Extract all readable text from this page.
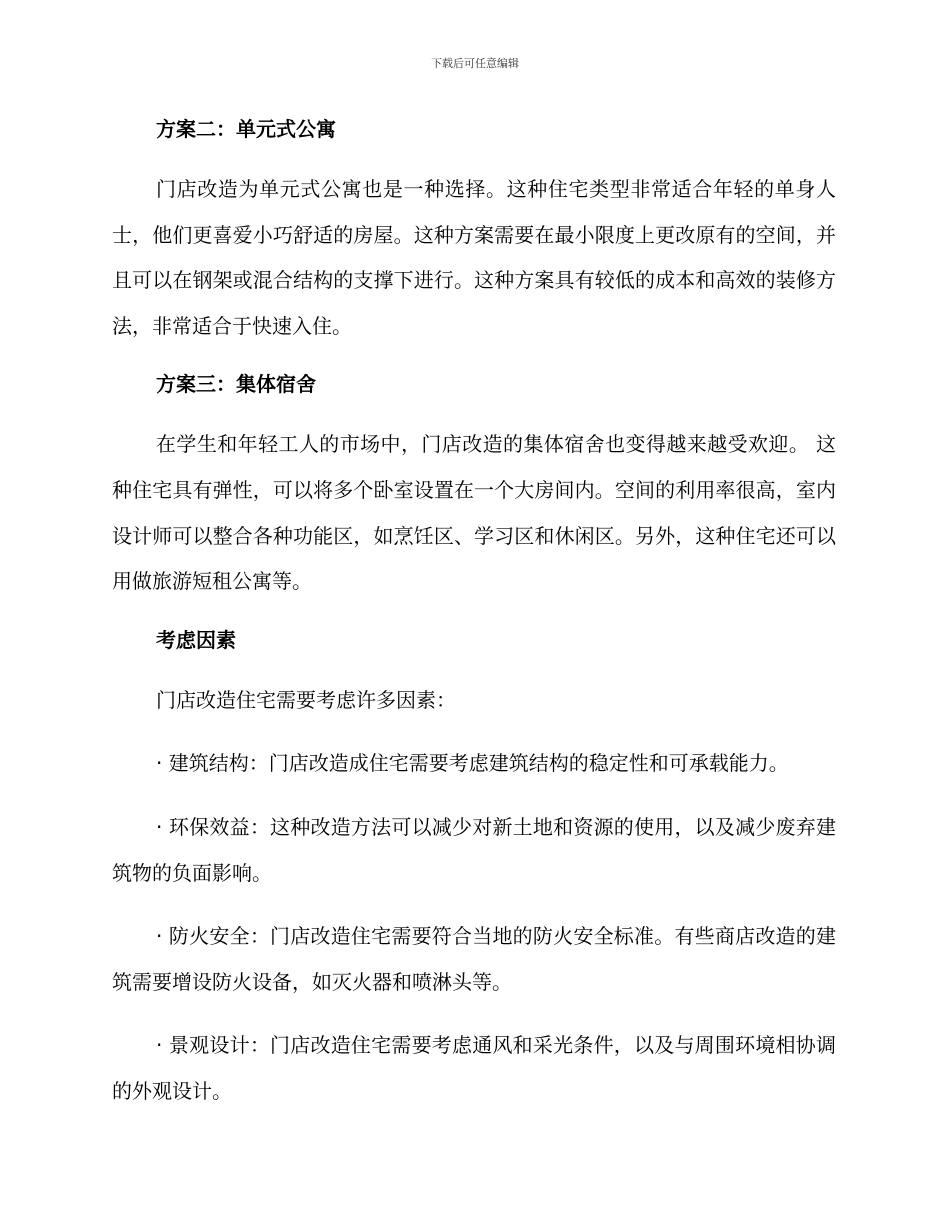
下载后可任意编辑
方案二：单元式公寓

门店改造为单元式公寓也是一种选择。这种住宅类型非常适合年轻的单身人士，他们更喜爱小巧舒适的房屋。这种方案需要在最小限度上更改原有的空间，并且可以在钢架或混合结构的支撑下进行。这种方案具有较低的成本和高效的装修方法，非常适合于快速入住。

方案三：集体宿舍

在学生和年轻工人的市场中，门店改造的集体宿舍也变得越来越受欢迎。 这种住宅具有弹性，可以将多个卧室设置在一个大房间内。空间的利用率很高，室内设计师可以整合各种功能区，如烹饪区、学习区和休闲区。另外，这种住宅还可以用做旅游短租公寓等。

考虑因素

门店改造住宅需要考虑许多因素：

· 建筑结构：门店改造成住宅需要考虑建筑结构的稳定性和可承载能力。

· 环保效益：这种改造方法可以减少对新土地和资源的使用，以及减少废弃建筑物的负面影响。

· 防火安全：门店改造住宅需要符合当地的防火安全标准。有些商店改造的建筑需要增设防火设备，如灭火器和喷淋头等。

· 景观设计：门店改造住宅需要考虑通风和采光条件，以及与周围环境相协调的外观设计。
